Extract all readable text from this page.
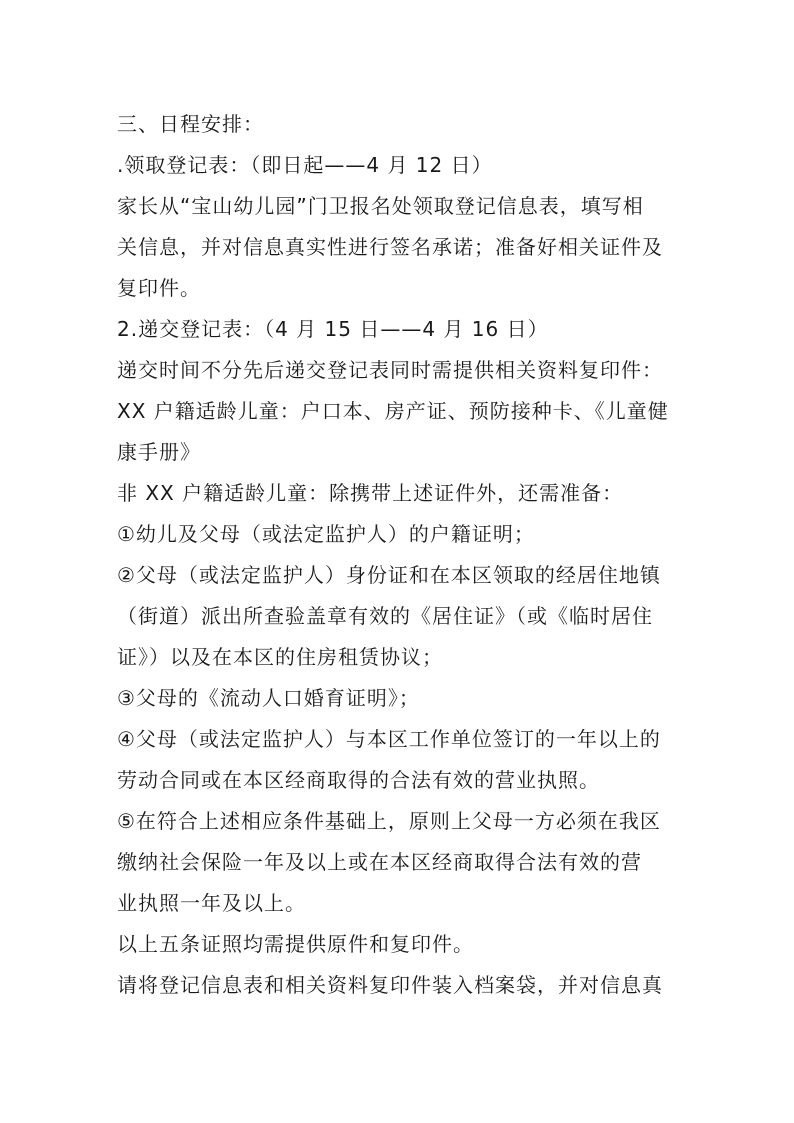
三、日程安排：
.领取登记表：（即日起——4 月 12 日）
家长从“宝山幼儿园”门卫报名处领取登记信息表，填写相
关信息，并对信息真实性进行签名承诺；准备好相关证件及
复印件。
2.递交登记表：（4 月 15 日——4 月 16 日）
递交时间不分先后递交登记表同时需提供相关资料复印件：
XX 户籍适龄儿童：户口本、房产证、预防接种卡、《儿童健
康手册》
非 XX 户籍适龄儿童：除携带上述证件外，还需准备：
①幼儿及父母（或法定监护人）的户籍证明；
②父母（或法定监护人）身份证和在本区领取的经居住地镇
（街道）派出所查验盖章有效的《居住证》（或《临时居住
证》）以及在本区的住房租赁协议；
③父母的《流动人口婚育证明》；
④父母（或法定监护人）与本区工作单位签订的一年以上的
劳动合同或在本区经商取得的合法有效的营业执照。
⑤在符合上述相应条件基础上，原则上父母一方必须在我区
缴纳社会保险一年及以上或在本区经商取得合法有效的营
业执照一年及以上。
以上五条证照均需提供原件和复印件。
请将登记信息表和相关资料复印件装入档案袋，并对信息真
